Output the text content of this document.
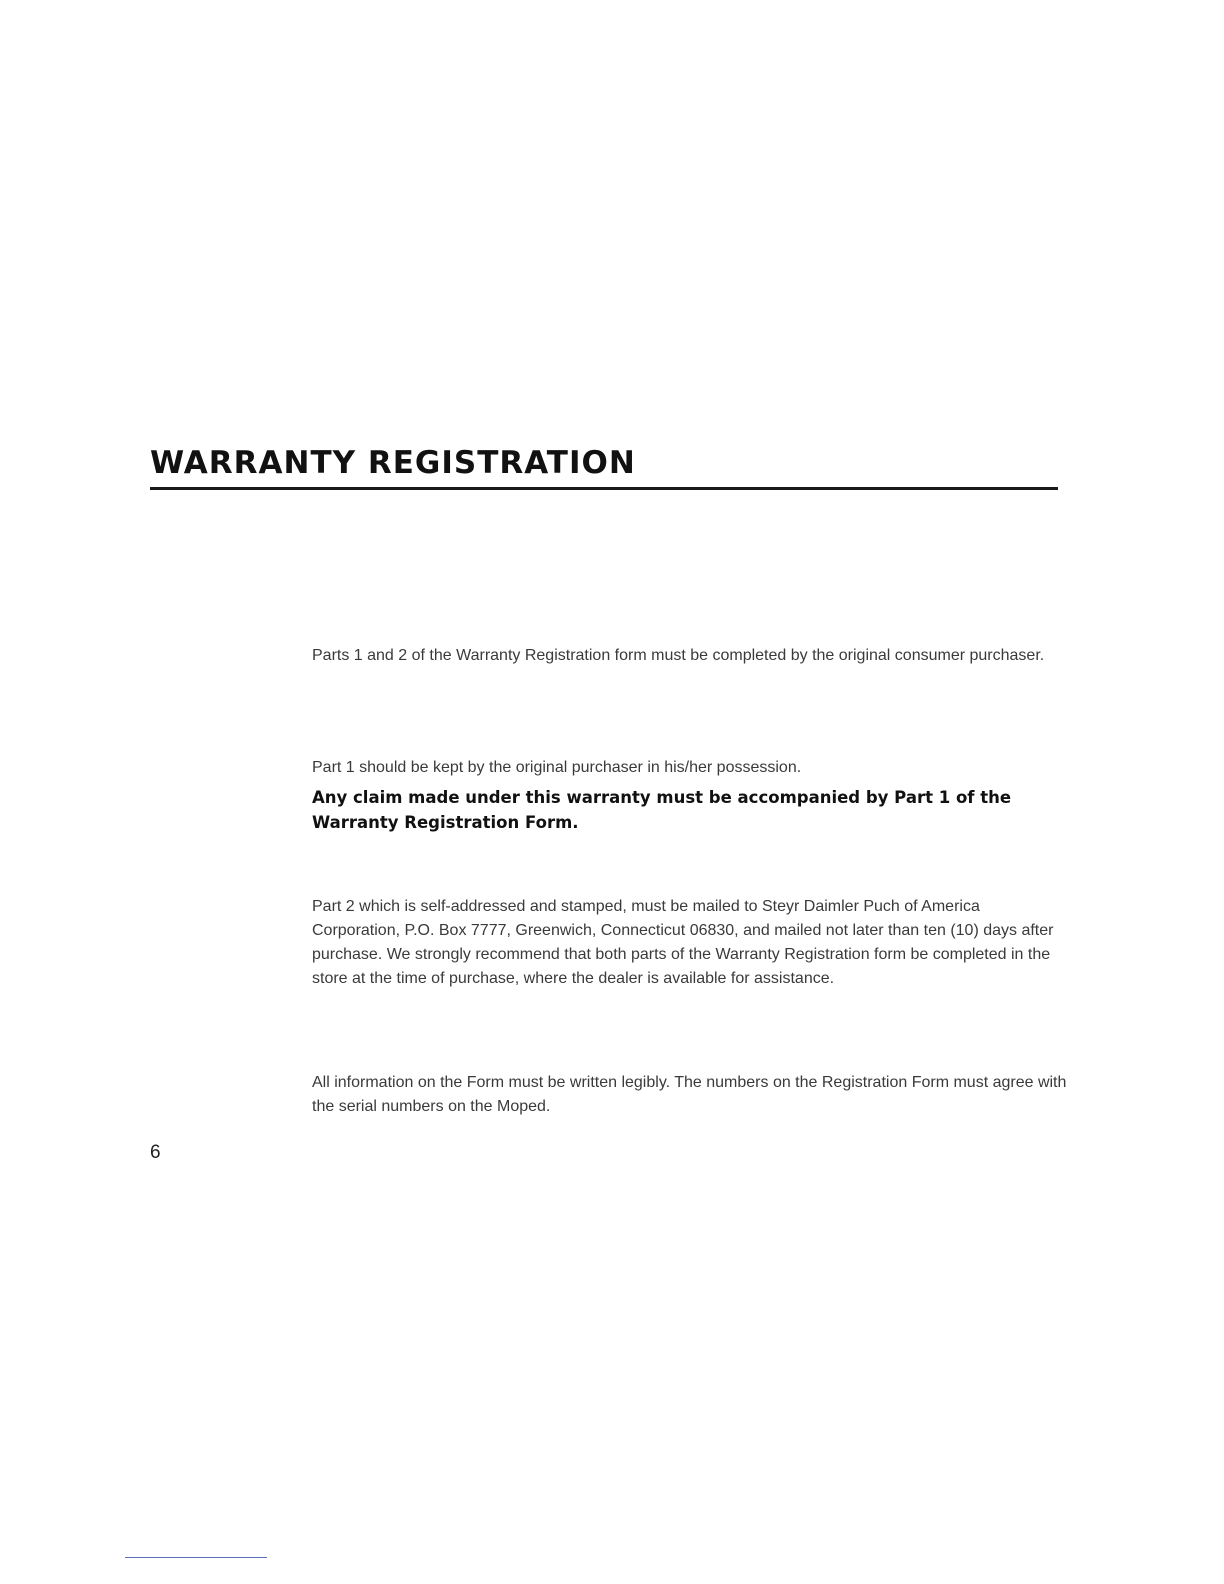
WARRANTY REGISTRATION

Parts 1 and 2 of the Warranty Registration form must be completed by the original consumer purchaser.

Part 1 should be kept by the original purchaser in his/her possession.

Any claim made under this warranty must be accompanied by Part 1 of the Warranty Registration Form.

Part 2 which is self-addressed and stamped, must be mailed to Steyr Daimler Puch of America Corporation, P.O. Box 7777, Greenwich, Connecticut 06830, and mailed not later than ten (10) days after purchase. We strongly recommend that both parts of the Warranty Registration form be completed in the store at the time of purchase, where the dealer is available for assistance.

All information on the Form must be written legibly. The numbers on the Registration Form must agree with the serial numbers on the Moped.

6
